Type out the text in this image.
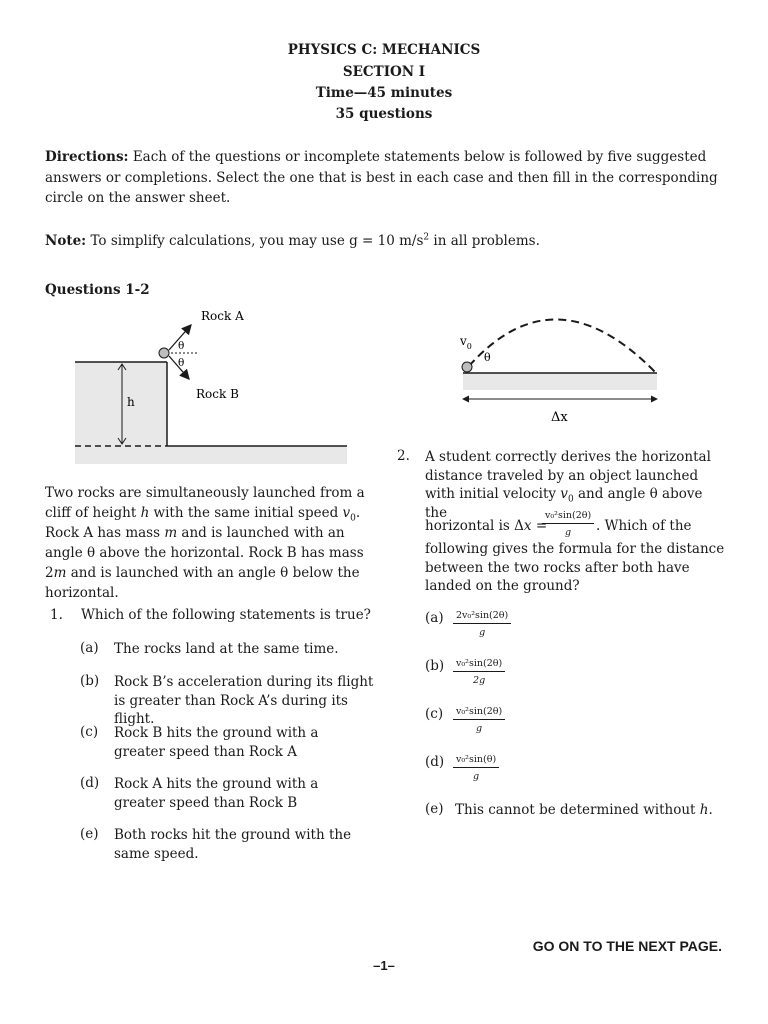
PHYSICS C: MECHANICS
SECTION I
Time—45 minutes
35 questions
Directions: Each of the questions or incomplete statements below is followed by five suggested answers or completions. Select the one that is best in each case and then fill in the corresponding circle on the answer sheet.
Note: To simplify calculations, you may use g = 10 $m/s^2$ in all problems.
Questions 1-2
h
θ
θ
Rock A
Rock B
$v_0$
θ
Δx
Two rocks are simultaneously launched from a cliff of height h with the same initial speed $v_0$. Rock A has mass m and is launched with an angle θ above the horizontal. Rock B has mass 2m and is launched with an angle θ below the horizontal.
1. Which of the following statements is true?
(a) The rocks land at the same time.
(b) Rock B’s acceleration during its flight is greater than Rock A’s during its flight.
(c) Rock B hits the ground with a greater speed than Rock A
(d) Rock A hits the ground with a greater speed than Rock B
(e) Both rocks hit the ground with the same speed.
2. A student correctly derives the horizontal distance traveled by an object launched with initial velocity $v_0$ and angle θ above the
horizontal is Δx =
$\frac{\text{v₀²sin(2θ)}}{g}$ . Which of the
following gives the formula for the distance between the two rocks after both have landed on the ground?
$(a) \frac{\text{2v₀²sin(2θ)}}{g}$
$(b) \frac{\text{v₀²sin(2θ)}}{2g}$
$(c) \frac{\text{v₀²sin(2θ)}}{g}$
$(d) \frac{\text{v₀²sin(θ)}}{g}$
(e) This cannot be determined without h.
GO ON TO THE NEXT PAGE.
–1–
